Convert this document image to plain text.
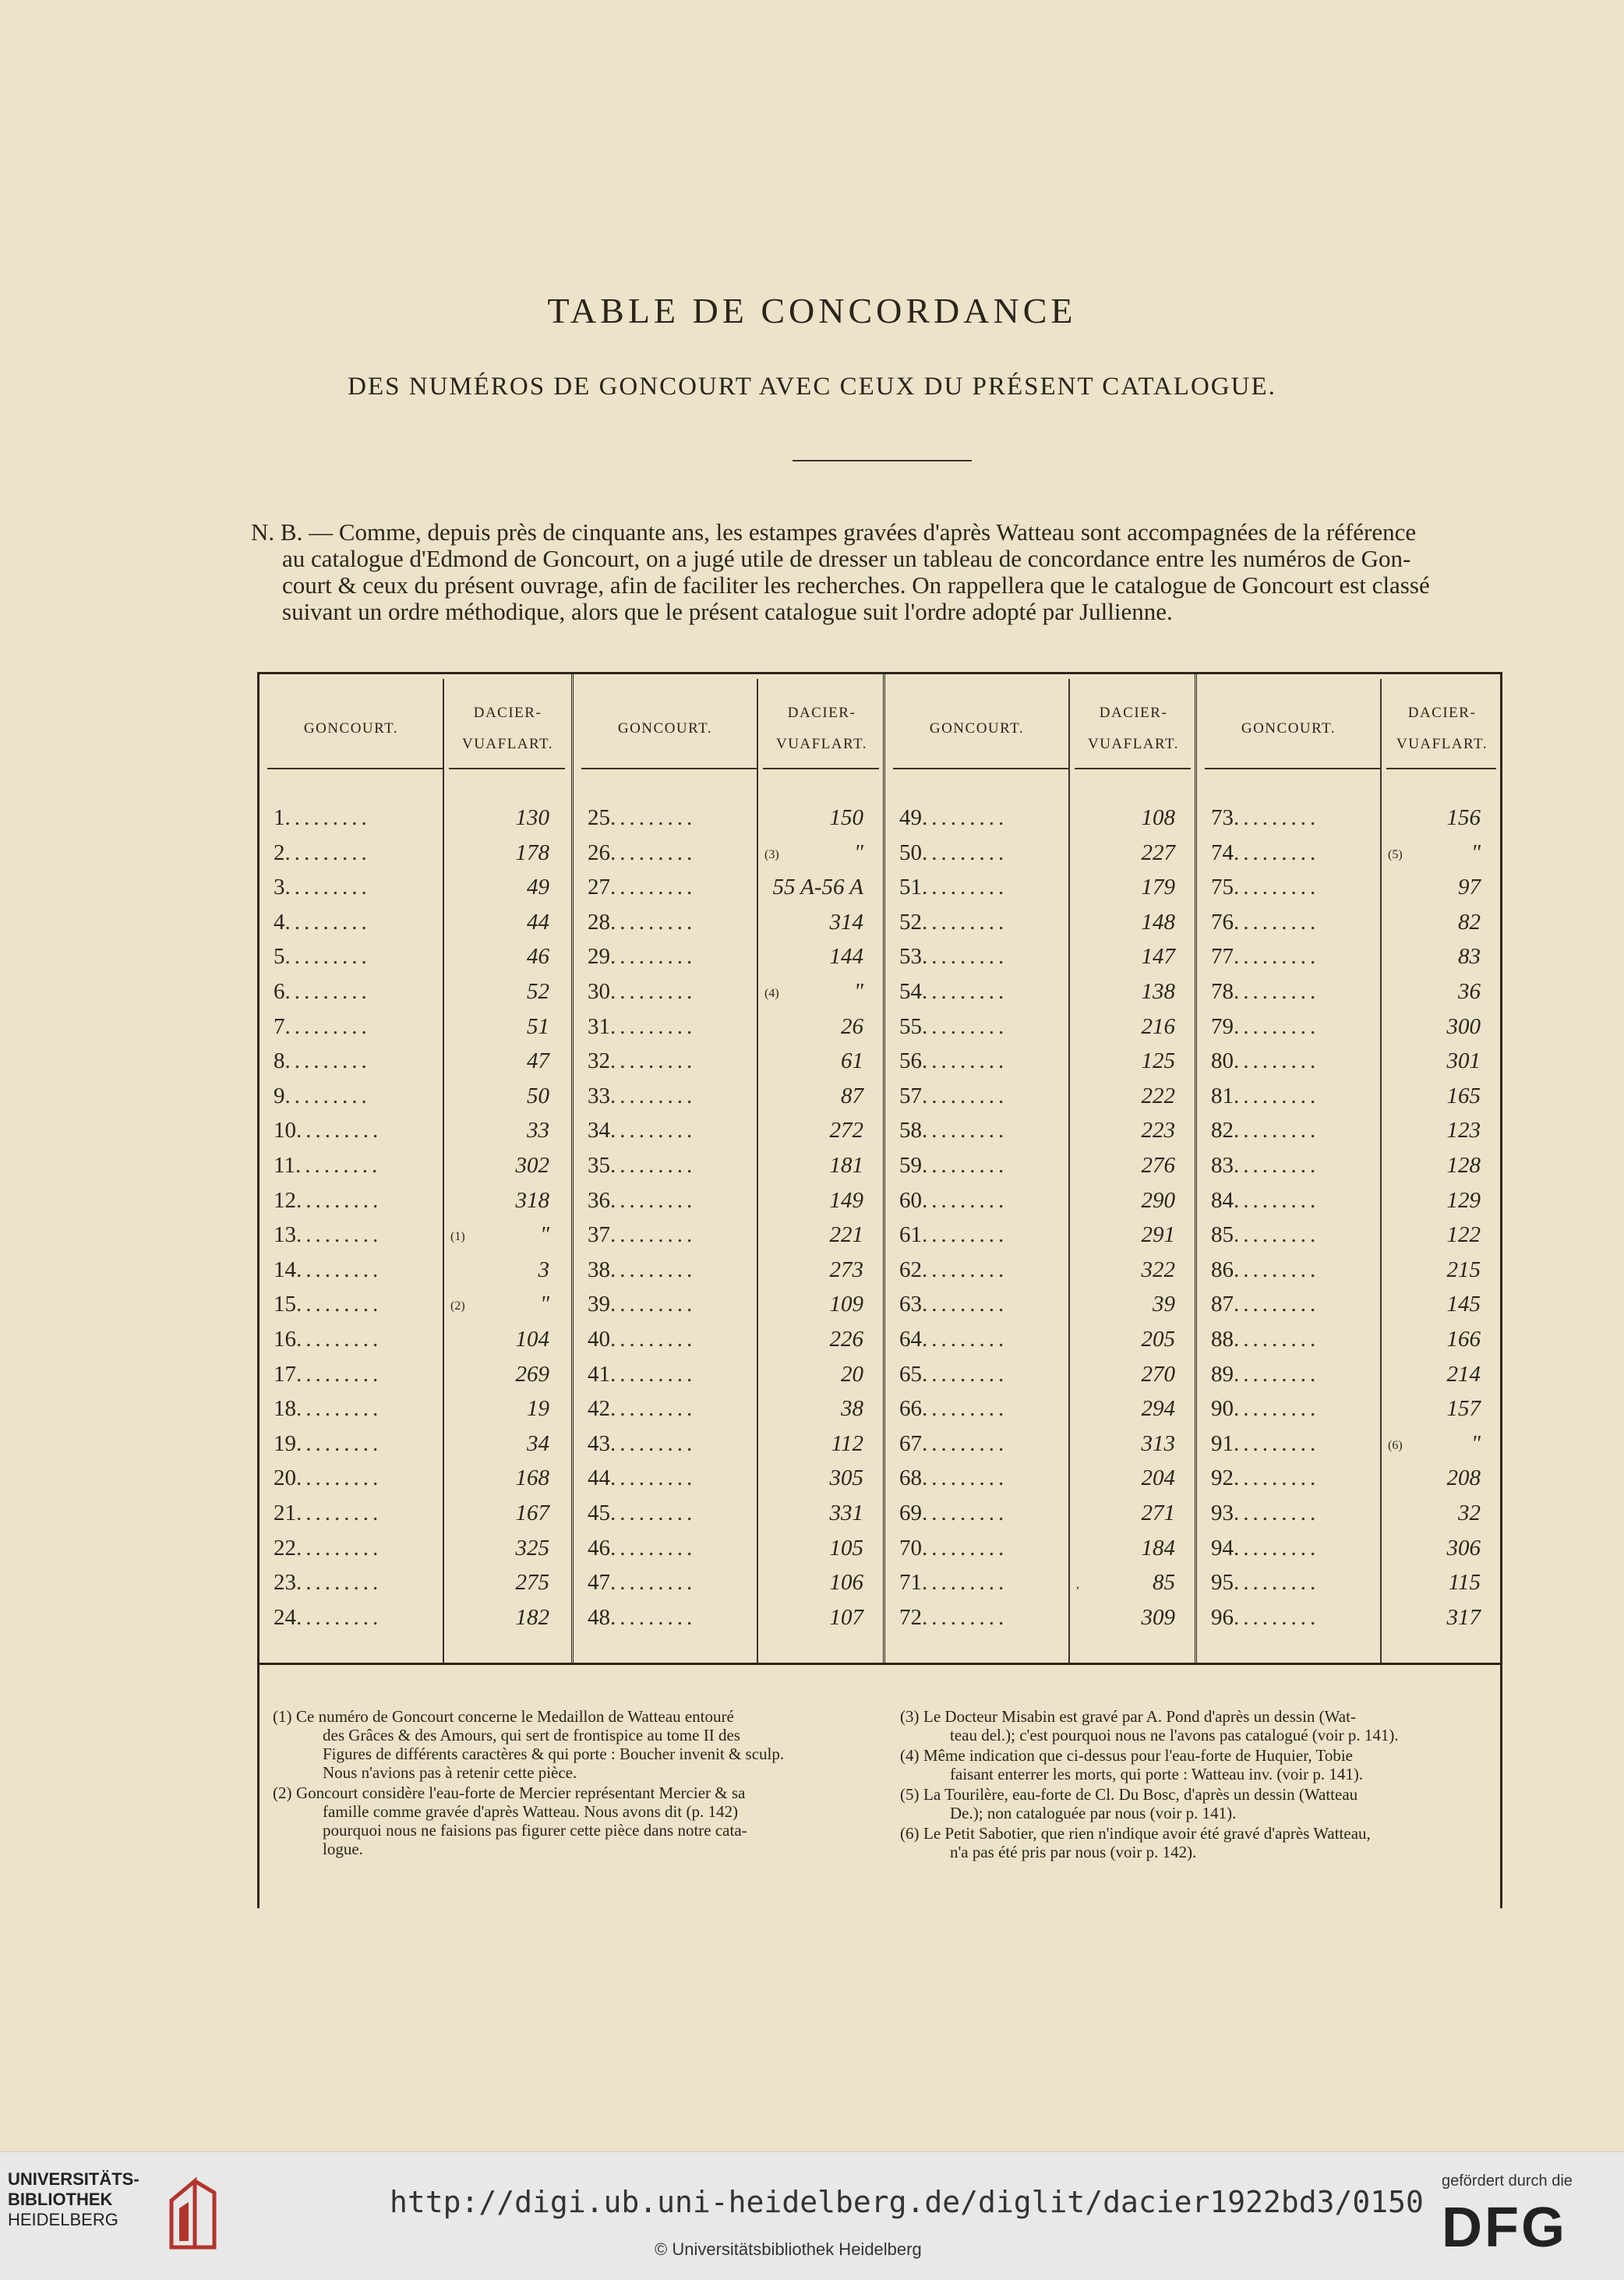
TABLE DE CONCORDANCE
DES NUMÉROS DE GONCOURT AVEC CEUX DU PRÉSENT CATALOGUE.
N. B. — Comme, depuis près de cinquante ans, les estampes gravées d'après Watteau sont accompagnées de la référence
au catalogue d'Edmond de Goncourt, on a jugé utile de dresser un tableau de concordance entre les numéros de Gon-
court & ceux du présent ouvrage, afin de faciliter les recherches. On rappellera que le catalogue de Goncourt est classé
suivant un ordre méthodique, alors que le présent catalogue suit l'ordre adopté par Jullienne.
GONCOURT.
DACIER-
VUAFLART.
1.........	130
2.........	178
3.........	49
4.........	44
5.........	46
6.........	52
7.........	51
8.........	47
9.........	50
10.........	33
11.........	302
12.........	318
13.........	(1)	"
14.........	3
15.........	(2)	"
16.........	104
17.........	269
18.........	19
19.........	34
20.........	168
21.........	167
22.........	325
23.........	275
24.........	182
GONCOURT.
DACIER-
VUAFLART.
25.........	150
26.........	(3)	"
27.........	55 A-56 A
28.........	314
29.........	144
30.........	(4)	"
31.........	26
32.........	61
33.........	87
34.........	272
35.........	181
36.........	149
37.........	221
38.........	273
39.........	109
40.........	226
41.........	20
42.........	38
43.........	112
44.........	305
45.........	331
46.........	105
47.........	106
48.........	107
GONCOURT.
DACIER-
VUAFLART.
49.........	108
50.........	227
51.........	179
52.........	148
53.........	147
54.........	138
55.........	216
56.........	125
57.........	222
58.........	223
59.........	276
60.........	290
61.........	291
62.........	322
63.........	39
64.........	205
65.........	270
66.........	294
67.........	313
68.........	204
69.........	271
70.........	184
71.........	,	85
72.........	309
GONCOURT.
DACIER-
VUAFLART.
73.........	156
74.........	(5)	"
75.........	97
76.........	82
77.........	83
78.........	36
79.........	300
80.........	301
81.........	165
82.........	123
83.........	128
84.........	129
85.........	122
86.........	215
87.........	145
88.........	166
89.........	214
90.........	157
91.........	(6)	"
92.........	208
93.........	32
94.........	306
95.........	115
96.........	317
(1) Ce numéro de Goncourt concerne le Medaillon de Watteau entouré
des Grâces & des Amours, qui sert de frontispice au tome II des
Figures de différents caractères & qui porte : Boucher invenit & sculp.
Nous n'avions pas à retenir cette pièce.
(2) Goncourt considère l'eau-forte de Mercier représentant Mercier & sa
famille comme gravée d'après Watteau. Nous avons dit (p. 142)
pourquoi nous ne faisions pas figurer cette pièce dans notre cata-
logue.
(3) Le Docteur Misabin est gravé par A. Pond d'après un dessin (Wat-
teau del.); c'est pourquoi nous ne l'avons pas catalogué (voir p. 141).
(4) Même indication que ci-dessus pour l'eau-forte de Huquier, Tobie
faisant enterrer les morts, qui porte : Watteau inv. (voir p. 141).
(5) La Tourilère, eau-forte de Cl. Du Bosc, d'après un dessin (Watteau
De.); non cataloguée par nous (voir p. 141).
(6) Le Petit Sabotier, que rien n'indique avoir été gravé d'après Watteau,
n'a pas été pris par nous (voir p. 142).
UNIVERSITÄTS-
BIBLIOTHEK
HEIDELBERG
http://digi.ub.uni-heidelberg.de/diglit/dacier1922bd3/0150
© Universitätsbibliothek Heidelberg
gefördert durch die
DFG
